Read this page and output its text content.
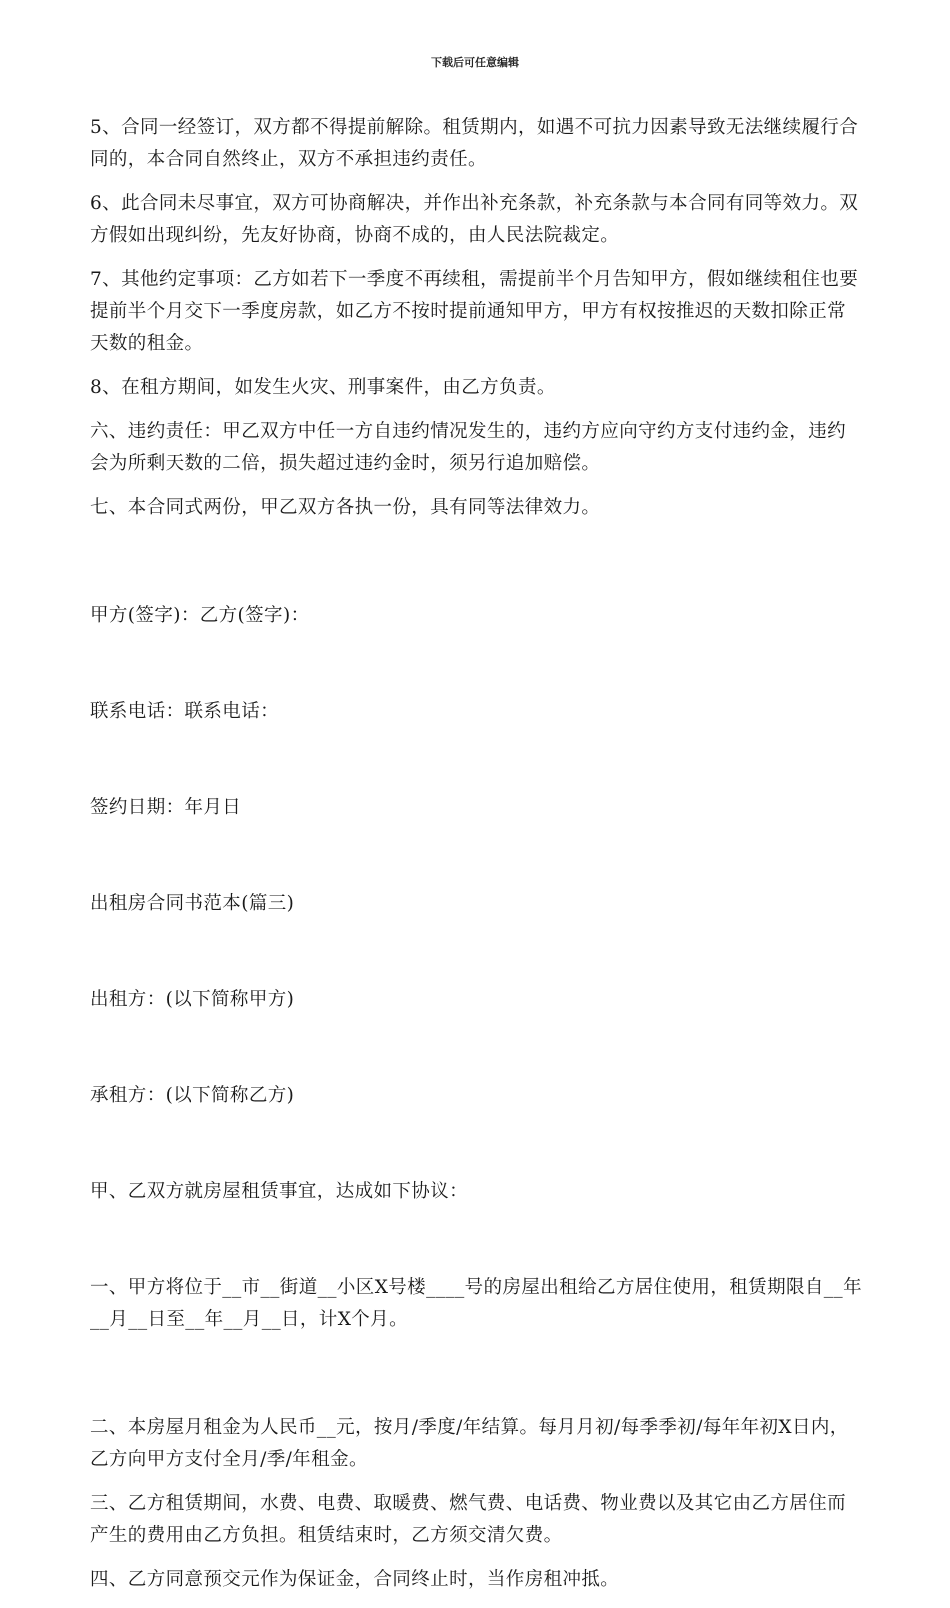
下载后可任意编辑

5、合同一经签订，双方都不得提前解除。租赁期内，如遇不可抗力因素导致无法继续履行合同的，本合同自然终止，双方不承担违约责任。

6、此合同未尽事宜，双方可协商解决，并作出补充条款，补充条款与本合同有同等效力。双方假如出现纠纷，先友好协商，协商不成的，由人民法院裁定。

7、其他约定事项：乙方如若下一季度不再续租，需提前半个月告知甲方，假如继续租住也要提前半个月交下一季度房款，如乙方不按时提前通知甲方，甲方有权按推迟的天数扣除正常天数的租金。

8、在租方期间，如发生火灾、刑事案件，由乙方负责。

六、违约责任：甲乙双方中任一方自违约情况发生的，违约方应向守约方支付违约金，违约会为所剩天数的二倍，损失超过违约金时，须另行追加赔偿。

七、本合同式两份，甲乙双方各执一份，具有同等法律效力。

甲方(签字)：乙方(签字)：

联系电话：联系电话：

签约日期：年月日

出租房合同书范本(篇三)

出租方：(以下简称甲方)

承租方：(以下简称乙方)

甲、乙双方就房屋租赁事宜，达成如下协议：

一、甲方将位于__市__街道__小区X号楼____号的房屋出租给乙方居住使用，租赁期限自__年__月__日至__年__月__日，计X个月。

二、本房屋月租金为人民币__元，按月/季度/年结算。每月月初/每季季初/每年年初X日内，乙方向甲方支付全月/季/年租金。

三、乙方租赁期间，水费、电费、取暖费、燃气费、电话费、物业费以及其它由乙方居住而产生的费用由乙方负担。租赁结束时，乙方须交清欠费。

四、乙方同意预交元作为保证金，合同终止时，当作房租冲抵。
